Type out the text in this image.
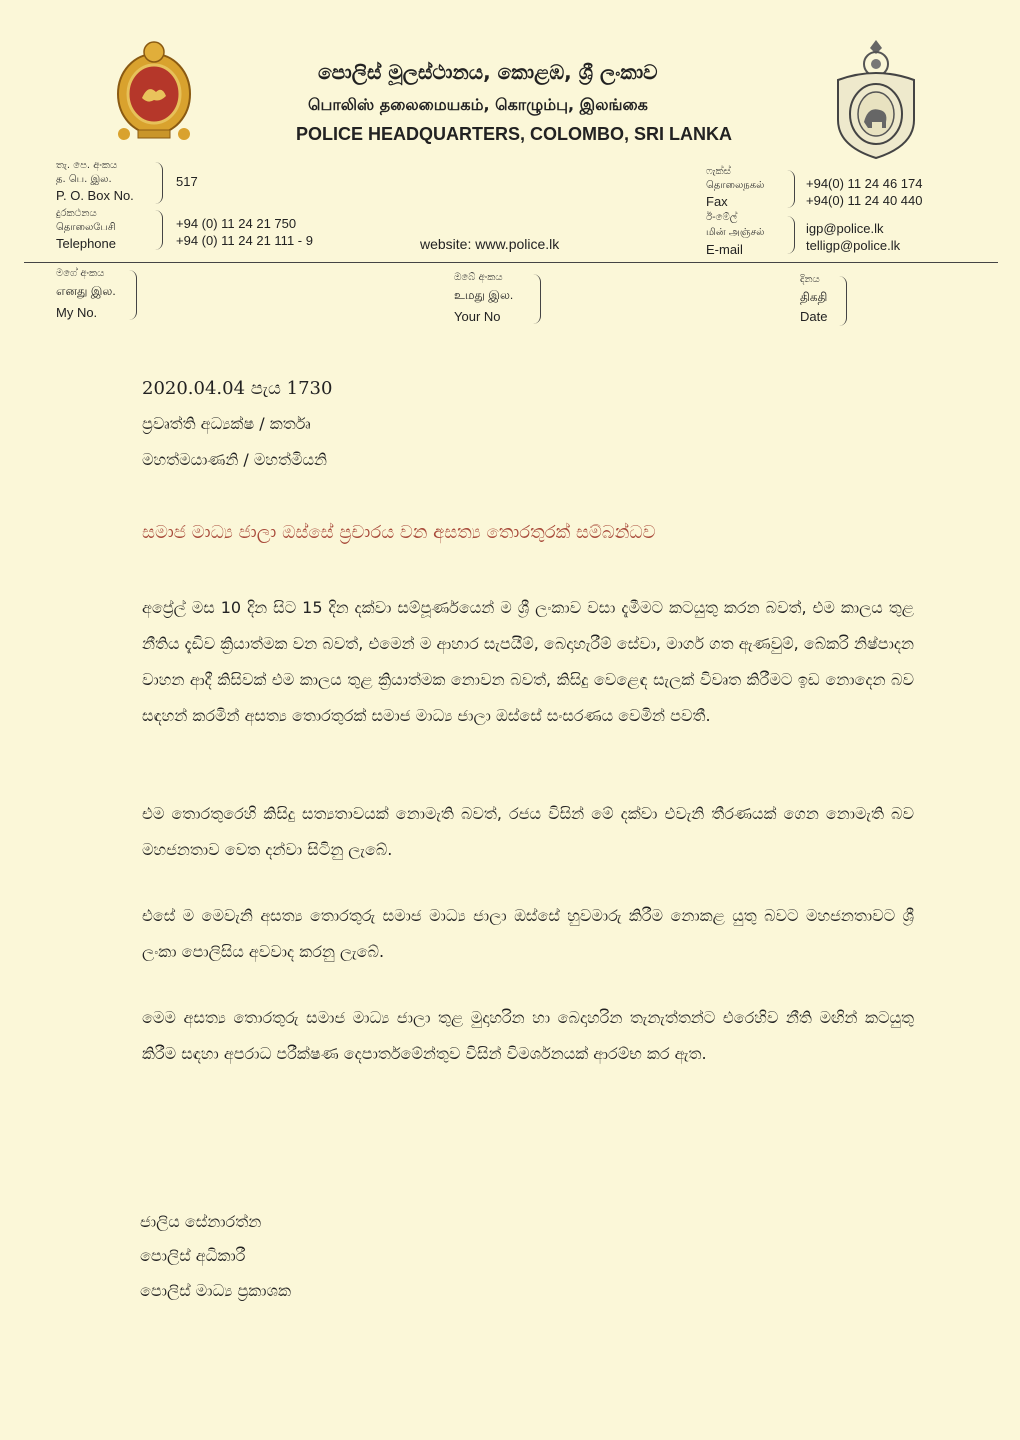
පොලිස් මූලස්ථානය, කොළඹ, ශ්‍රී ලංකාව
பொலிஸ் தலைமையகம், கொழும்பு, இலங்கை
POLICE HEADQUARTERS, COLOMBO, SRI LANKA
තැ. පෙ. අංකය
த. பெ. இல.
P. O. Box No.
517
දුරකථනය
தொலைபேசி
Telephone
+94 (0) 11 24 21 750
+94 (0) 11 24 21 111 - 9	website: www.police.lk
ෆැක්ස්
தொலைநகல்
Fax
+94(0) 11 24 46 174
+94(0) 11 24 40 440
ඊ-මේල්
மின் அஞ்சல்
E-mail
igp@police.lk
telligp@police.lk
මගේ අංකය
எனது இல.
My No.
ඔබේ අංකය
உமது இல.
Your No
දිනය
திகதி
Date
2020.04.04 පැය 1730
ප්‍රවෘත්ති අධ්‍යක්ෂ / කර්තෘ
මහත්මයාණනි / මහත්මියනි
සමාජ මාධ්‍ය ජාලා ඔස්සේ ප්‍රචාරය වන අසත්‍ය තොරතුරක් සම්බන්ධව
අප්‍රේල් මස 10 දින සිට 15 දින දක්වා සම්පූර්ණයෙන් ම ශ්‍රී ලංකාව වසා දැමීමට කටයුතු කරන බවත්, එම කාලය තුළ නීතිය දැඩිව ක්‍රියාත්මක වන බවත්, එමෙන් ම ආහාර සැපයීම්, බෙදාහැරීම් සේවා, මාර්ග ගත ඇණවුම්, බේකරි නිෂ්පාදන වාහන ආදී කිසිවක් එම කාලය තුළ ක්‍රියාත්මක නොවන බවත්, කිසිදු වෙළෙඳ සැලක් විවෘත කිරීමට ඉඩ නොදෙන බව සඳහන් කරමින් අසත්‍ය තොරතුරක් සමාජ මාධ්‍ය ජාලා ඔස්සේ සංසරණය වෙමින් පවතී.
එම තොරතුරෙහි කිසිදු සත්‍යතාවයක් නොමැති බවත්, රජය විසින් මේ දක්වා එවැනි තීරණයක් ගෙන නොමැති බව මහජනතාව වෙත දන්වා සිටිනු ලැබේ.
එසේ ම මෙවැනි අසත්‍ය තොරතුරු සමාජ මාධ්‍ය ජාලා ඔස්සේ හුවමාරු කිරීම නොකළ යුතු බවට මහජනතාවට ශ්‍රී ලංකා පොලිසිය අවවාද කරනු ලැබේ.
මෙම අසත්‍ය තොරතුරු සමාජ මාධ්‍ය ජාලා තුළ මුදාහරින හා බෙදාහරින තැනැත්තන්ට එරෙහිව නීති මඟින් කටයුතු කිරීම සඳහා අපරාධ පරීක්ෂණ දෙපාර්තමේන්තුව විසින් විමර්ශනයක් ආරම්භ කර ඇත.
ජාලිය සේනාරත්න
පොලිස් අධිකාරී
පොලිස් මාධ්‍ය ප්‍රකාශක
